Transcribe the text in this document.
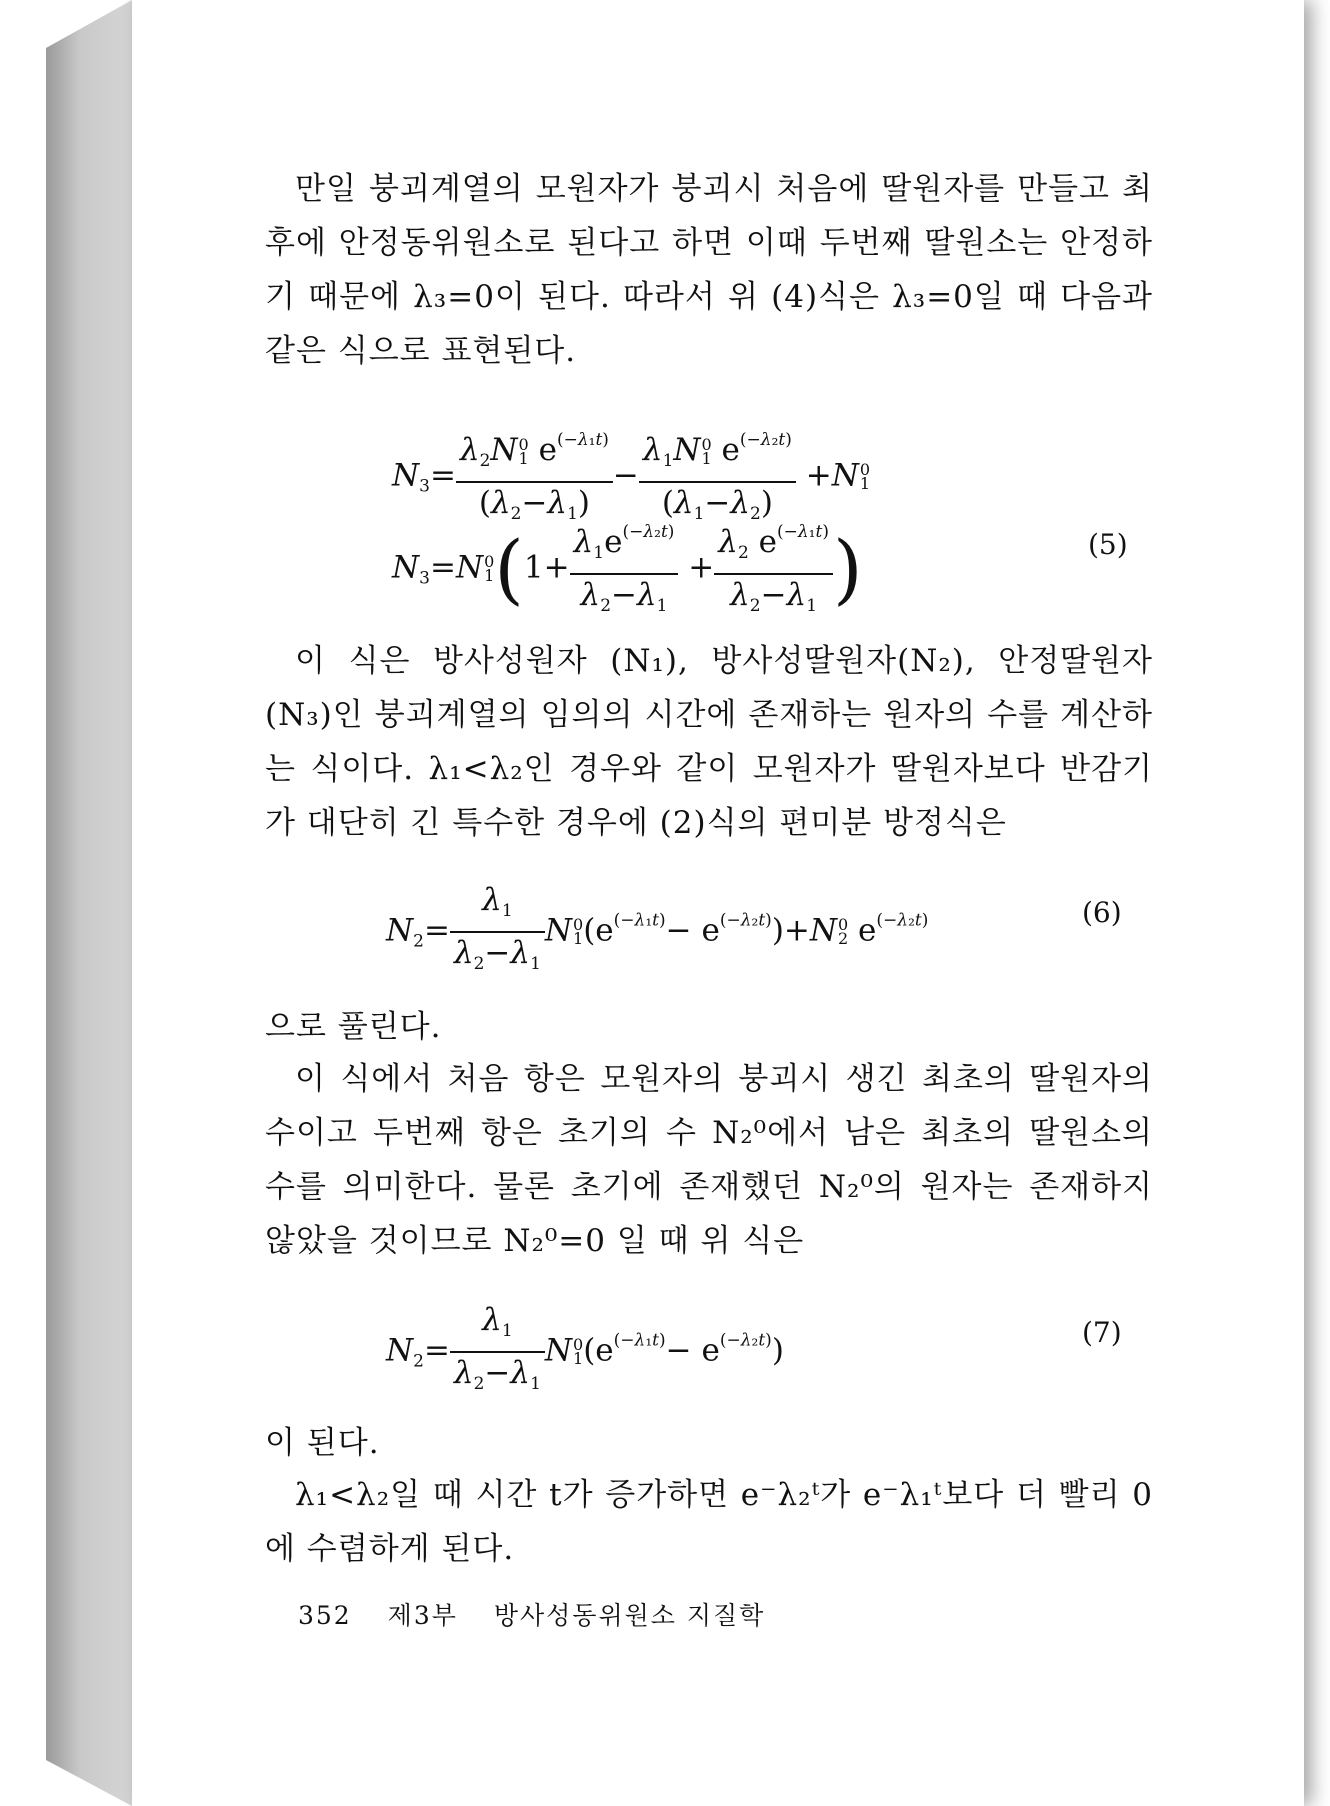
만일 붕괴계열의 모원자가 붕괴시 처음에 딸원자를 만들고 최후에 안정동위원소로 된다고 하면 이때 두번째 딸원소는 안정하기 때문에 λ₃=0이 된다. 따라서 위 (4)식은 λ₃=0일 때 다음과 같은 식으로 표현된다.

$N_3= \lambda_2N$ 0
1 $e^{(-\lambda_1t)}$
$(\lambda_2-\lambda_1) - \lambda_1N$ 0
1 $e^{(-\lambda_2t)}$
$(\lambda_1-\lambda_2) +N$ 0
1
$N_3=N$ 0
1 ($1+ \frac{\lambda_1e^{(-\lambda_2t)}}{\lambda_2-\lambda_1} + \frac{\lambda_2 e^{(-\lambda_1t)}}{\lambda_2-\lambda_1}$ )	(5)

이 식은 방사성원자 (N₁), 방사성딸원자(N₂), 안정딸원자(N₃)인 붕괴계열의 임의의 시간에 존재하는 원자의 수를 계산하는 식이다. λ₁<λ₂인 경우와 같이 모원자가 딸원자보다 반감기가 대단히 긴 특수한 경우에 (2)식의 편미분 방정식은

$N_2= \frac{\lambda_1}{\lambda_2-\lambda_1}$ N 0
1 $(e^{(-\lambda_1t)}- e^{(-\lambda_2t)})+N$ 0
2 $e^{(-\lambda_2t)}$	(6)

으로 풀린다.

이 식에서 처음 항은 모원자의 붕괴시 생긴 최초의 딸원자의 수이고 두번째 항은 초기의 수 N₂⁰에서 남은 최초의 딸원소의 수를 의미한다. 물론 초기에 존재했던 N₂⁰의 원자는 존재하지 않았을 것이므로 N₂⁰=0 일 때 위 식은

$N_2= \frac{\lambda_1}{\lambda_2-\lambda_1}$ N 0
1 $(e^{(-\lambda_1t)}- e^{(-\lambda_2t)})$	(7)

이 된다.

λ₁<λ₂일 때 시간 t가 증가하면 e⁻λ₂ᵗ가 e⁻λ₁ᵗ보다 더 빨리 0에 수렴하게 된다.

352 제3부 방사성동위원소 지질학
